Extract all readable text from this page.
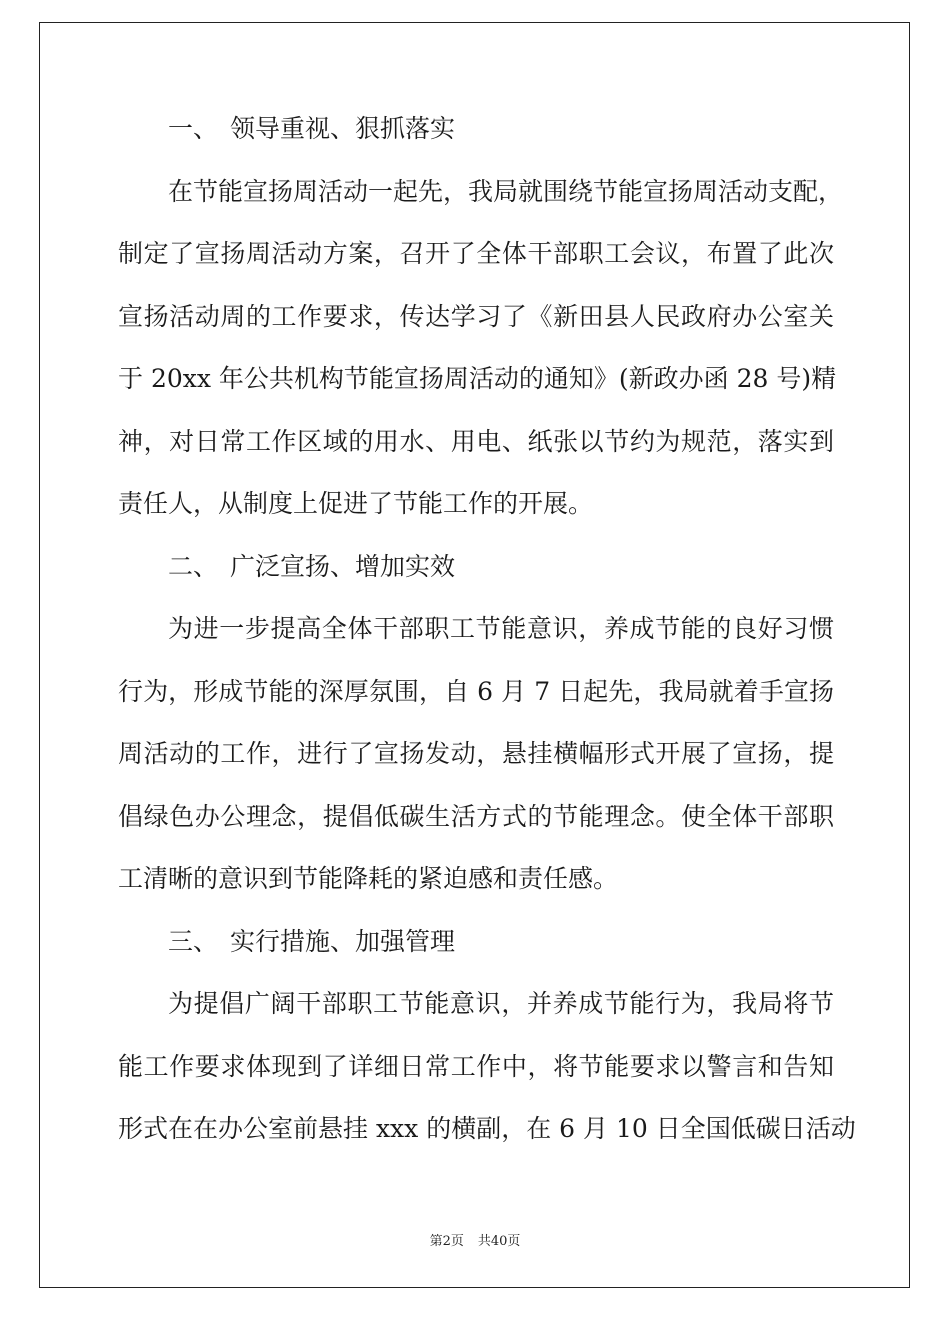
一、 领导重视、狠抓落实
在节能宣扬周活动一起先，我局就围绕节能宣扬周活动支配，
制定了宣扬周活动方案，召开了全体干部职工会议，布置了此次
宣扬活动周的工作要求，传达学习了《新田县人民政府办公室关
于 20xx 年公共机构节能宣扬周活动的通知》(新政办函 28 号)精
神，对日常工作区域的用水、用电、纸张以节约为规范，落实到
责任人，从制度上促进了节能工作的开展。
二、 广泛宣扬、增加实效
为进一步提高全体干部职工节能意识，养成节能的良好习惯
行为，形成节能的深厚氛围，自 6 月 7 日起先，我局就着手宣扬
周活动的工作，进行了宣扬发动，悬挂横幅形式开展了宣扬，提
倡绿色办公理念，提倡低碳生活方式的节能理念。使全体干部职
工清晰的意识到节能降耗的紧迫感和责任感。
三、 实行措施、加强管理
为提倡广阔干部职工节能意识，并养成节能行为，我局将节
能工作要求体现到了详细日常工作中，将节能要求以警言和告知
形式在在办公室前悬挂 xxx 的横副，在 6 月 10 日全国低碳日活动
第2页 共40页
